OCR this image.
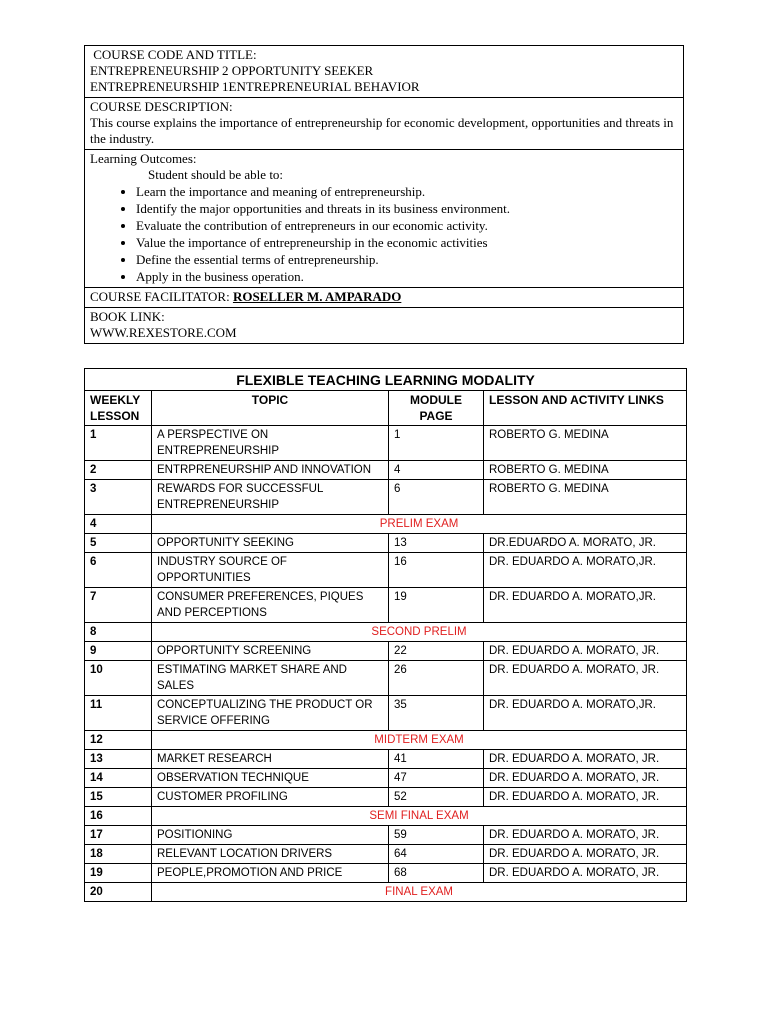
COURSE CODE AND TITLE:
ENTREPRENEURSHIP 2 OPPORTUNITY SEEKER
ENTREPRENEURSHIP 1ENTREPRENEURIAL BEHAVIOR

COURSE DESCRIPTION:
This course explains the importance of entrepreneurship for economic development, opportunities and threats in the industry.

Learning Outcomes:
Student should be able to:
• Learn the importance and meaning of entrepreneurship.
• Identify the major opportunities and threats in its business environment.
• Evaluate the contribution of entrepreneurs in our economic activity.
• Value the importance of entrepreneurship in the economic activities
• Define the essential terms of entrepreneurship.
• Apply in the business operation.

COURSE FACILITATOR: ROSELLER M. AMPARADO

BOOK LINK:
WWW.REXESTORE.COM
FLEXIBLE TEACHING LEARNING MODALITY			
WEEKLY LESSON	TOPIC	MODULE PAGE	LESSON AND ACTIVITY LINKS
1	A PERSPECTIVE ON ENTREPRENEURSHIP	1	ROBERTO G. MEDINA
2	ENTRPRENEURSHIP AND INNOVATION	4	ROBERTO G. MEDINA
3	REWARDS FOR SUCCESSFUL ENTREPRENEURSHIP	6	ROBERTO G. MEDINA
4	PRELIM EXAM		
5	OPPORTUNITY SEEKING	13	DR.EDUARDO A. MORATO, JR.
6	INDUSTRY SOURCE OF OPPORTUNITIES	16	DR. EDUARDO A. MORATO,JR.
7	CONSUMER PREFERENCES, PIQUES AND PERCEPTIONS	19	DR. EDUARDO A. MORATO,JR.
8	SECOND PRELIM		
9	OPPORTUNITY SCREENING	22	DR. EDUARDO A. MORATO, JR.
10	ESTIMATING MARKET SHARE AND SALES	26	DR. EDUARDO A. MORATO, JR.
11	CONCEPTUALIZING THE PRODUCT OR SERVICE OFFERING	35	DR. EDUARDO A. MORATO,JR.
12	MIDTERM EXAM		
13	MARKET RESEARCH	41	DR. EDUARDO A. MORATO, JR.
14	OBSERVATION TECHNIQUE	47	DR. EDUARDO A. MORATO, JR.
15	CUSTOMER PROFILING	52	DR. EDUARDO A. MORATO, JR.
16	SEMI FINAL EXAM		
17	POSITIONING	59	DR. EDUARDO A. MORATO, JR.
18	RELEVANT LOCATION DRIVERS	64	DR. EDUARDO A. MORATO, JR.
19	PEOPLE,PROMOTION AND PRICE	68	DR. EDUARDO A. MORATO, JR.
20	FINAL EXAM		
